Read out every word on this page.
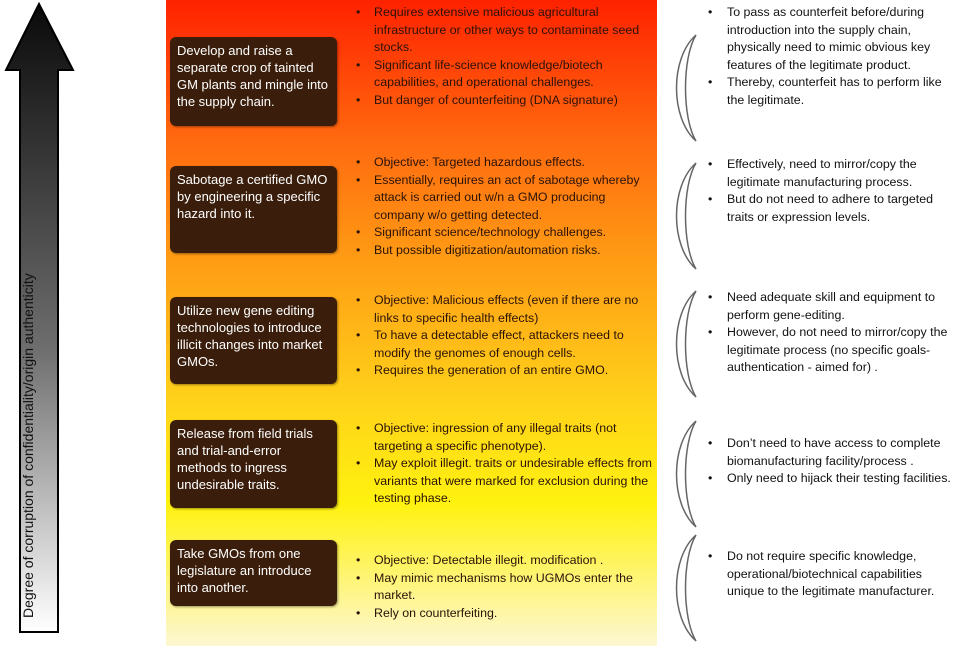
Degree of corruption of confidentiality/origin authenticity
Develop and raise a separate crop of tainted GM plants and mingle into the supply chain.
• Requires extensive malicious agricultural infrastructure or other ways to contaminate seed stocks.
• Significant life-science knowledge/biotech capabilities, and operational challenges.
• But danger of counterfeiting (DNA signature)
• To pass as counterfeit before/during introduction into the supply chain, physically need to mimic obvious key features of the legitimate product.
• Thereby, counterfeit has to perform like the legitimate.
Sabotage a certified GMO by engineering a specific hazard into it.
• Objective: Targeted hazardous effects.
• Essentially, requires an act of sabotage whereby attack is carried out w/n a GMO producing company w/o getting detected.
• Significant science/technology challenges.
• But possible digitization/automation risks.
• Effectively, need to mirror/copy the legitimate manufacturing process.
• But do not need to adhere to targeted traits or expression levels.
Utilize new gene editing technologies to introduce illicit changes into market GMOs.
• Objective: Malicious effects (even if there are no links to specific health effects)
• To have a detectable effect, attackers need to modify the genomes of enough cells.
• Requires the generation of an entire GMO.
• Need adequate skill and equipment to perform gene-editing.
• However, do not need to mirror/copy the legitimate process (no specific goals- authentication - aimed for) .
Release from field trials and trial-and-error methods to ingress undesirable traits.
• Objective: ingression of any illegal traits (not targeting a specific phenotype).
• May exploit illegit. traits or undesirable effects from variants that were marked for exclusion during the testing phase.
• Don’t need to have access to complete biomanufacturing facility/process .
• Only need to hijack their testing facilities.
Take GMOs from one legislature an introduce into another.
• Objective: Detectable illegit. modification .
• May mimic mechanisms how UGMOs enter the market.
• Rely on counterfeiting.
• Do not require specific knowledge, operational/biotechnical capabilities unique to the legitimate manufacturer.
